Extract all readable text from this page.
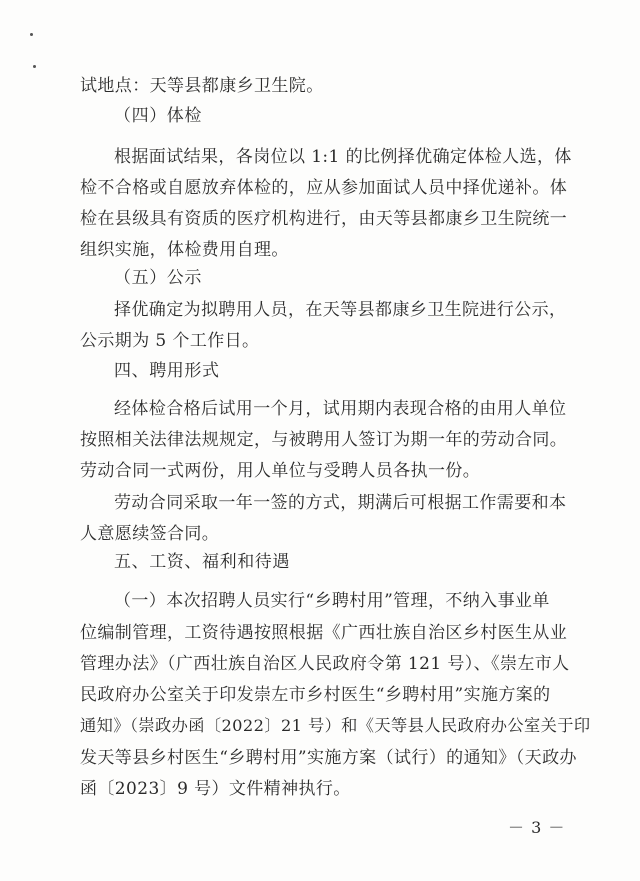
试地点：天等县都康乡卫生院。
（四）体检
根据面试结果，各岗位以 1:1 的比例择优确定体检人选，体
检不合格或自愿放弃体检的，应从参加面试人员中择优递补。体
检在县级具有资质的医疗机构进行，由天等县都康乡卫生院统一
组织实施，体检费用自理。
（五）公示
择优确定为拟聘用人员，在天等县都康乡卫生院进行公示，
公示期为 5 个工作日。
四、聘用形式
经体检合格后试用一个月，试用期内表现合格的由用人单位
按照相关法律法规规定，与被聘用人签订为期一年的劳动合同。
劳动合同一式两份，用人单位与受聘人员各执一份。
劳动合同采取一年一签的方式，期满后可根据工作需要和本
人意愿续签合同。
五、工资、福利和待遇
（一）本次招聘人员实行“乡聘村用”管理，不纳入事业单
位编制管理，工资待遇按照根据《广西壮族自治区乡村医生从业
管理办法》（广西壮族自治区人民政府令第 121 号）、《崇左市人
民政府办公室关于印发崇左市乡村医生“乡聘村用”实施方案的
通知》（崇政办函〔2022〕21 号）和《天等县人民政府办公室关于印
发天等县乡村医生“乡聘村用”实施方案（试行）的通知》（天政办
函〔2023〕9 号）文件精神执行。
－ 3 －
